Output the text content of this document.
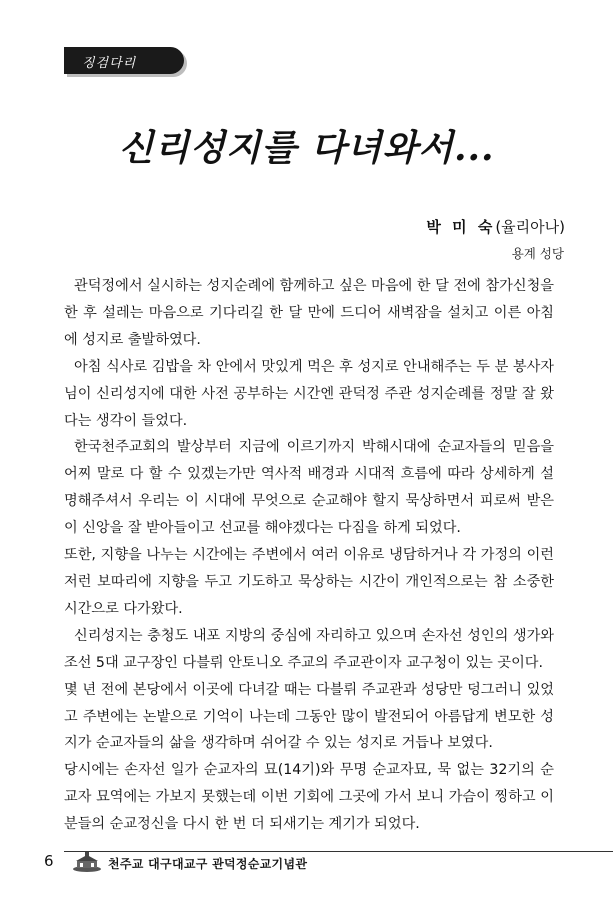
징검다리
신리성지를 다녀와서...
박 미 숙(율리아나)
용계 성당

관덕정에서 실시하는 성지순례에 함께하고 싶은 마음에 한 달 전에 참가신청을 한 후 설레는 마음으로 기다리길 한 달 만에 드디어 새벽잠을 설치고 이른 아침에 성지로 출발하였다.

아침 식사로 김밥을 차 안에서 맛있게 먹은 후 성지로 안내해주는 두 분 봉사자님이 신리성지에 대한 사전 공부하는 시간엔 관덕정 주관 성지순례를 정말 잘 왔다는 생각이 들었다.

한국천주교회의 발상부터 지금에 이르기까지 박해시대에 순교자들의 믿음을 어찌 말로 다 할 수 있겠는가만 역사적 배경과 시대적 흐름에 따라 상세하게 설명해주셔서 우리는 이 시대에 무엇으로 순교해야 할지 묵상하면서 피로써 받은 이 신앙을 잘 받아들이고 선교를 해야겠다는 다짐을 하게 되었다.

또한, 지향을 나누는 시간에는 주변에서 여러 이유로 냉담하거나 각 가정의 이런저런 보따리에 지향을 두고 기도하고 묵상하는 시간이 개인적으로는 참 소중한 시간으로 다가왔다.

신리성지는 충청도 내포 지방의 중심에 자리하고 있으며 손자선 성인의 생가와 조선 5대 교구장인 다블뤼 안토니오 주교의 주교관이자 교구청이 있는 곳이다.

몇 년 전에 본당에서 이곳에 다녀갈 때는 다블뤼 주교관과 성당만 덩그러니 있었고 주변에는 논밭으로 기억이 나는데 그동안 많이 발전되어 아름답게 변모한 성지가 순교자들의 삶을 생각하며 쉬어갈 수 있는 성지로 거듭나 보였다.

당시에는 손자선 일가 순교자의 묘(14기)와 무명 순교자묘, 묵 없는 32기의 순교자 묘역에는 가보지 못했는데 이번 기회에 그곳에 가서 보니 가슴이 찡하고 이분들의 순교정신을 다시 한 번 더 되새기는 계기가 되었다.

6	천주교 대구대교구 관덕정순교기념관
